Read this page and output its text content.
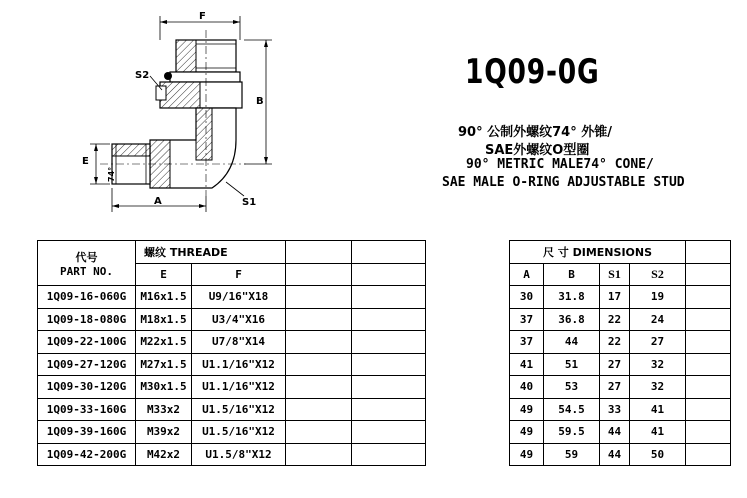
F
B
E
74°
A	S1
S2	1Q09-0G
90° 公制外螺纹74° 外锥/
SAE外螺纹O型圈
90° METRIC MALE74° CONE/
SAE MALE O-RING ADJUSTABLE STUD
代号
PART NO.	螺纹 THREADE					尺 寸 DIMENSIONS				
	E	F				A	B	S1	S2	
1Q09-16-060G	M16x1.5	U9/16"X18				30	31.8	17	19	
1Q09-18-080G	M18x1.5	U3/4"X16				37	36.8	22	24	
1Q09-22-100G	M22x1.5	U7/8"X14				37	44	22	27	
1Q09-27-120G	M27x1.5	U1.1/16"X12				41	51	27	32	
1Q09-30-120G	M30x1.5	U1.1/16"X12				40	53	27	32	
1Q09-33-160G	M33x2	U1.5/16"X12				49	54.5	33	41	
1Q09-39-160G	M39x2	U1.5/16"X12				49	59.5	44	41	
1Q09-42-200G	M42x2	U1.5/8"X12				49	59	44	50	
